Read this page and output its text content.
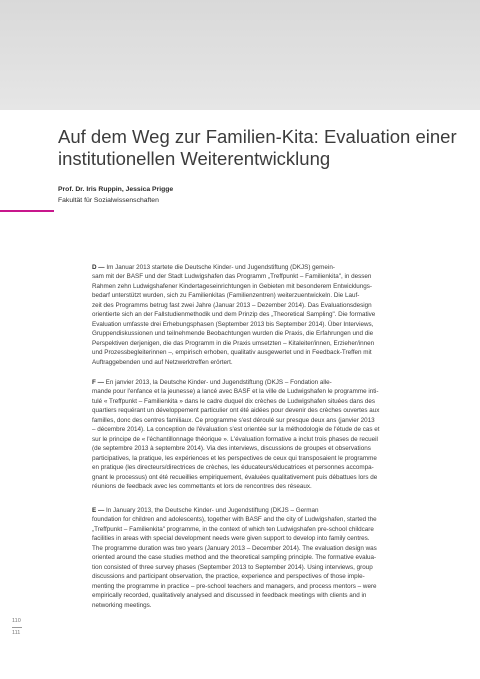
Auf dem Weg zur Familien-Kita: Evaluation einer institutionellen Weiterentwicklung
Prof. Dr. Iris Ruppin, Jessica Prigge
Fakultät für Sozialwissenschaften

D — Im Januar 2013 startete die Deutsche Kinder- und Jugendstiftung (DKJS) gemein-
sam mit der BASF und der Stadt Ludwigshafen das Programm „Treffpunkt – Familienkita", in dessen
Rahmen zehn Ludwigshafener Kindertageseinrichtungen in Gebieten mit besonderem Entwicklungs-
bedarf unterstützt wurden, sich zu Familienkitas (Familienzentren) weiterzuentwickeln. Die Lauf-
zeit des Programms betrug fast zwei Jahre (Januar 2013 – Dezember 2014). Das Evaluationsdesign
orientierte sich an der Fallstudienmethodik und dem Prinzip des „Theoretical Sampling". Die formative
Evaluation umfasste drei Erhebungsphasen (September 2013 bis September 2014). Über Interviews,
Gruppendiskussionen und teilnehmende Beobachtungen wurden die Praxis, die Erfahrungen und die
Perspektiven derjenigen, die das Programm in die Praxis umsetzten – Kitaleiter/innen, Erzieher/innen
und Prozessbegleiterinnen –, empirisch erhoben, qualitativ ausgewertet und in Feedback-Treffen mit
Auftraggebenden und auf Netzwerktreffen erörtert.

F — En janvier 2013, la Deutsche Kinder- und Jugendstiftung (DKJS – Fondation alle-
mande pour l'enfance et la jeunesse) a lancé avec BASF et la ville de Ludwigshafen le programme inti-
tulé « Treffpunkt – Familienkita » dans le cadre duquel dix crèches de Ludwigshafen situées dans des
quartiers requérant un développement particulier ont été aidées pour devenir des crèches ouvertes aux
familles, donc des centres familiaux. Ce programme s'est déroulé sur presque deux ans (janvier 2013
– décembre 2014). La conception de l'évaluation s'est orientée sur la méthodologie de l'étude de cas et
sur le principe de « l'échantillonnage théorique ». L'évaluation formative a inclut trois phases de recueil
(de septembre 2013 à septembre 2014). Via des interviews, discussions de groupes et observations
participatives, la pratique, les expériences et les perspectives de ceux qui transposaient le programme
en pratique (les directeurs/directrices de crèches, les éducateurs/éducatrices et personnes accompa-
gnant le processus) ont été recueillies empiriquement, évaluées qualitativement puis débattues lors de
réunions de feedback avec les commettants et lors de rencontres des réseaux.

E — In January 2013, the Deutsche Kinder- und Jugendstiftung (DKJS – German
foundation for children and adolescents), together with BASF and the city of Ludwigshafen, started the
„Treffpunkt – Familienkita" programme, in the context of which ten Ludwigshafen pre-school childcare
facilities in areas with special development needs were given support to develop into family centres.
The programme duration was two years (January 2013 – December 2014). The evaluation design was
oriented around the case studies method and the theoretical sampling principle. The formative evalua-
tion consisted of three survey phases (September 2013 to September 2014). Using interviews, group
discussions and participant observation, the practice, experience and perspectives of those imple-
menting the programme in practice – pre-school teachers and managers, and process mentors – were
empirically recorded, qualitatively analysed and discussed in feedback meetings with clients and in
networking meetings.

110
111
